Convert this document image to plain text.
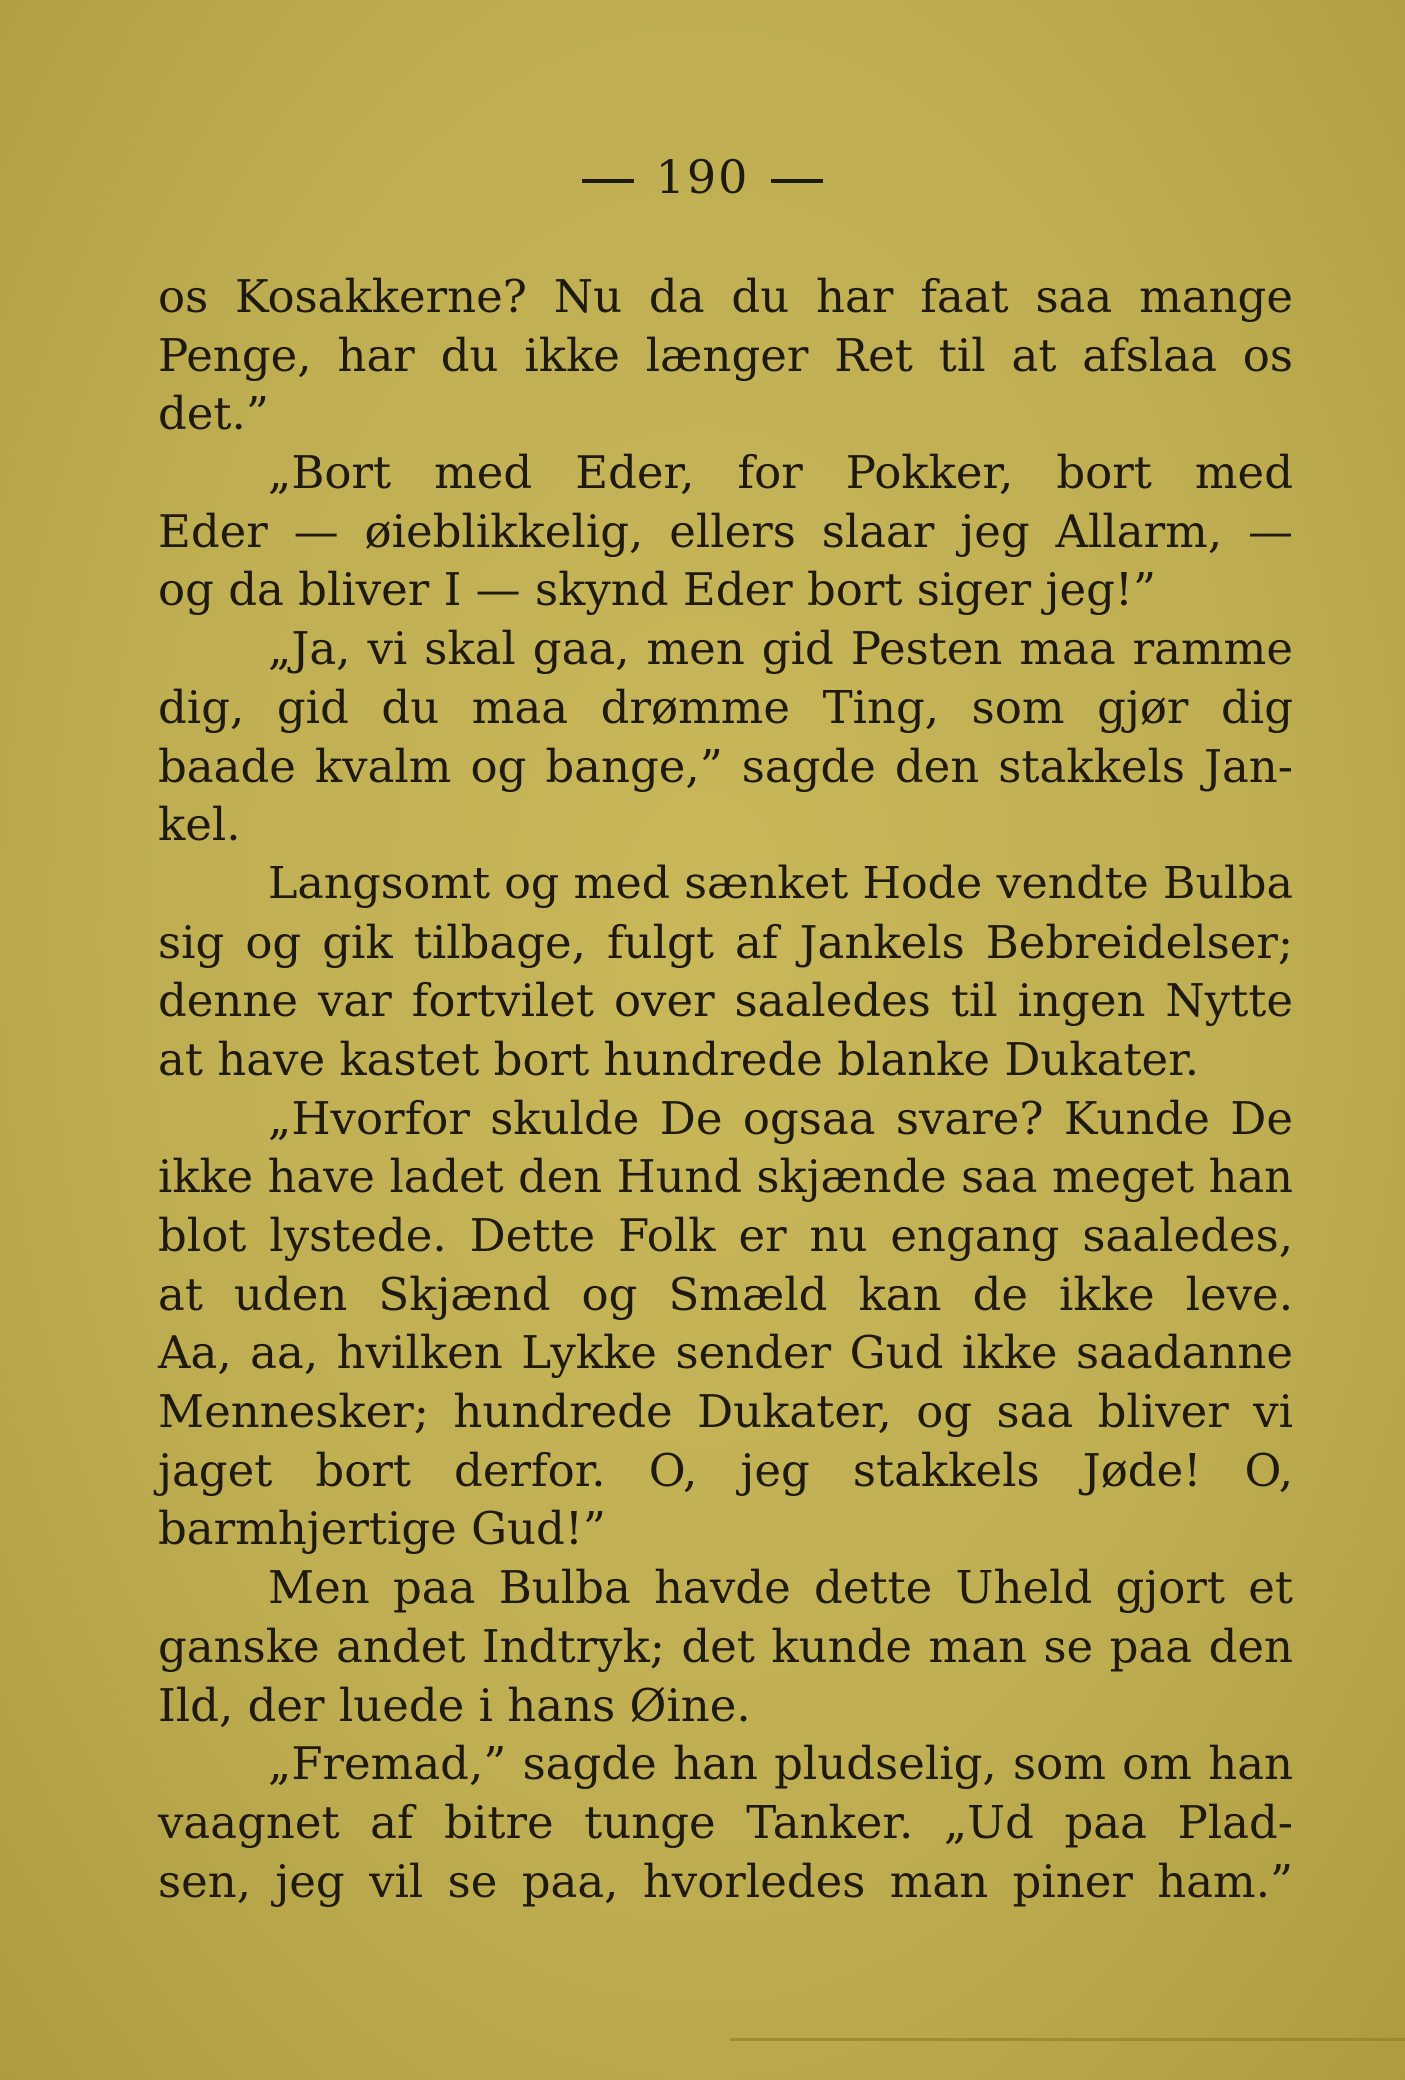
190
os Kosakkerne? Nu da du har faat saa mange
Penge, har du ikke længer Ret til at afslaa os
det.”
„Bort med Eder, for Pokker, bort med
Eder — øieblikkelig, ellers slaar jeg Allarm, —
og da bliver I — skynd Eder bort siger jeg!”
„Ja, vi skal gaa, men gid Pesten maa ramme
dig, gid du maa drømme Ting, som gjør dig
baade kvalm og bange,” sagde den stakkels Jan-
kel.
Langsomt og med sænket Hode vendte Bulba
sig og gik tilbage, fulgt af Jankels Bebreidelser;
denne var fortvilet over saaledes til ingen Nytte
at have kastet bort hundrede blanke Dukater.
„Hvorfor skulde De ogsaa svare? Kunde De
ikke have ladet den Hund skjænde saa meget han
blot lystede. Dette Folk er nu engang saaledes,
at uden Skjænd og Smæld kan de ikke leve.
Aa, aa, hvilken Lykke sender Gud ikke saadanne
Mennesker; hundrede Dukater, og saa bliver vi
jaget bort derfor. O, jeg stakkels Jøde! O,
barmhjertige Gud!”
Men paa Bulba havde dette Uheld gjort et
ganske andet Indtryk; det kunde man se paa den
Ild, der luede i hans Øine.
„Fremad,” sagde han pludselig, som om han
vaagnet af bitre tunge Tanker. „Ud paa Plad-
sen, jeg vil se paa, hvorledes man piner ham.”
